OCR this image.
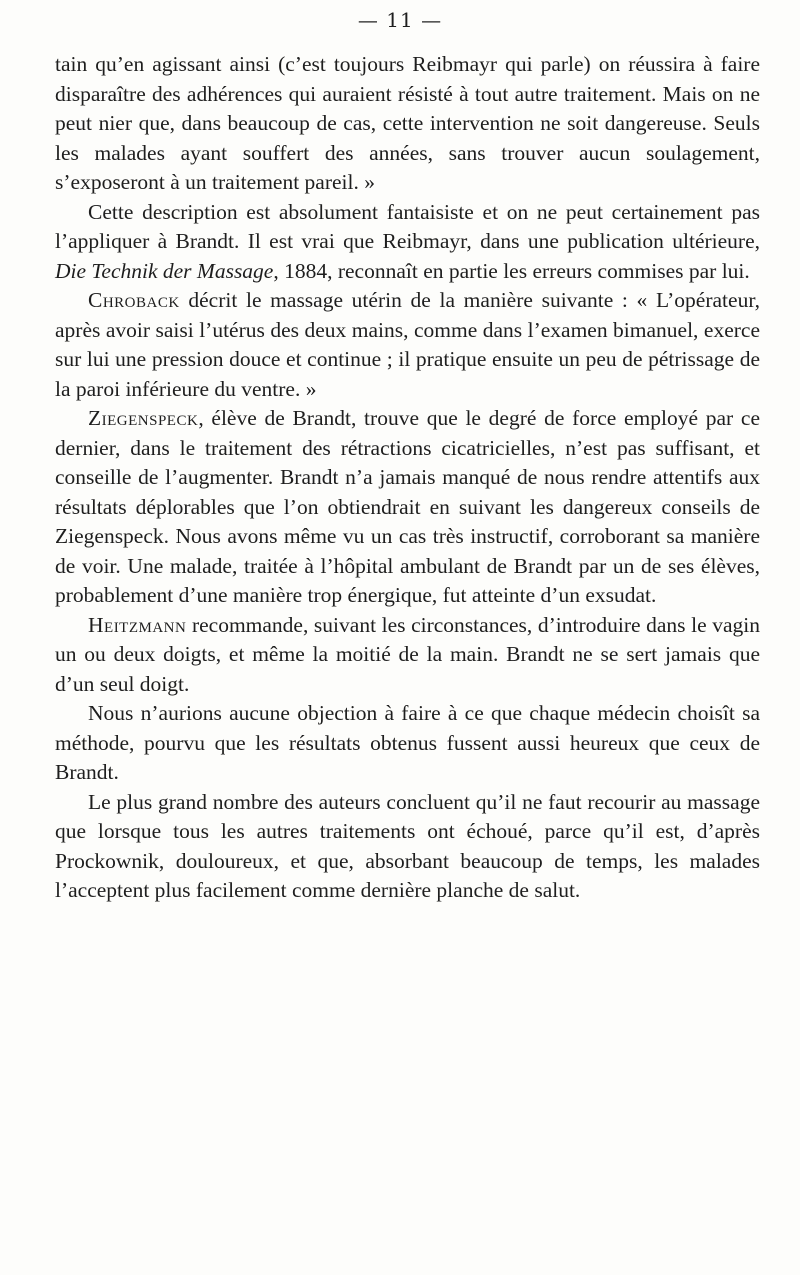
— 11 —

tain qu’en agissant ainsi (c’est toujours Reibmayr qui parle) on réussira à faire disparaître des adhérences qui auraient résisté à tout autre traitement. Mais on ne peut nier que, dans beaucoup de cas, cette intervention ne soit dangereuse. Seuls les malades ayant souffert des années, sans trouver aucun soulagement, s’exposeront à un traitement pareil. »

Cette description est absolument fantaisiste et on ne peut certainement pas l’appliquer à Brandt. Il est vrai que Reibmayr, dans une publication ultérieure, Die Technik der Massage, 1884, reconnaît en partie les erreurs commises par lui.

Chroback décrit le massage utérin de la manière suivante : « L’opérateur, après avoir saisi l’utérus des deux mains, comme dans l’examen bimanuel, exerce sur lui une pression douce et continue ; il pratique ensuite un peu de pétrissage de la paroi inférieure du ventre. »

Ziegenspeck, élève de Brandt, trouve que le degré de force employé par ce dernier, dans le traitement des rétractions cicatricielles, n’est pas suffisant, et conseille de l’augmenter. Brandt n’a jamais manqué de nous rendre attentifs aux résultats déplorables que l’on obtiendrait en suivant les dangereux conseils de Ziegenspeck. Nous avons même vu un cas très instructif, corroborant sa manière de voir. Une malade, traitée à l’hôpital ambulant de Brandt par un de ses élèves, probablement d’une manière trop énergique, fut atteinte d’un exsudat.

Heitzmann recommande, suivant les circonstances, d’introduire dans le vagin un ou deux doigts, et même la moitié de la main. Brandt ne se sert jamais que d’un seul doigt.

Nous n’aurions aucune objection à faire à ce que chaque médecin choisît sa méthode, pourvu que les résultats obtenus fussent aussi heureux que ceux de Brandt.

Le plus grand nombre des auteurs concluent qu’il ne faut recourir au massage que lorsque tous les autres traitements ont échoué, parce qu’il est, d’après Prockownik, douloureux, et que, absorbant beaucoup de temps, les malades l’acceptent plus facilement comme dernière planche de salut.
